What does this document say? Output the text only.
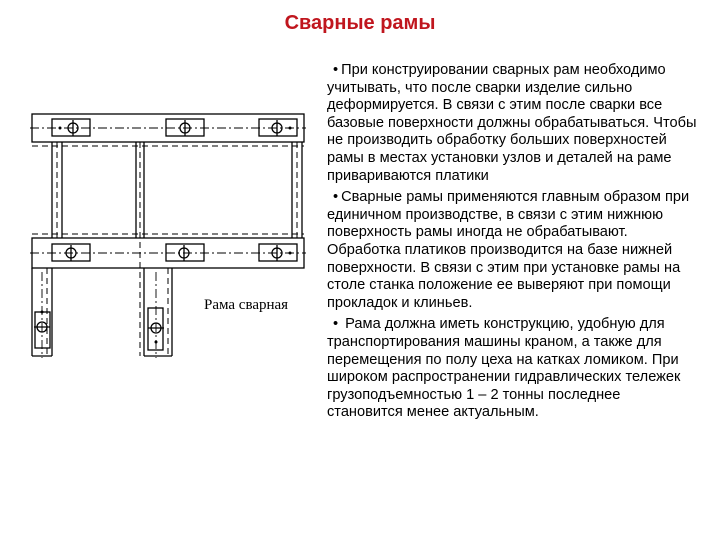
Сварные рамы
Рама сварная

• При конструировании сварных рам необходимо учитывать, что после сварки изделие сильно деформируется. В связи с этим после сварки все базовые поверхности должны обрабатываться. Чтобы не производить обработку больших поверхностей рамы в местах установки узлов и деталей на раме привариваются платики

• Сварные рамы применяются главным образом при единичном производстве, в связи с этим нижнюю поверхность рамы иногда не обрабатывают. Обработка платиков производится на базе нижней поверхности. В связи с этим при установке рамы на столе станка положение ее выверяют при помощи прокладок и клиньев.

• Рама должна иметь конструкцию, удобную для транспортирования машины краном, а также для перемещения по полу цеха на катках ломиком. При широком распространении гидравлических тележек грузоподъемностью 1 – 2 тонны последнее становится менее актуальным.
